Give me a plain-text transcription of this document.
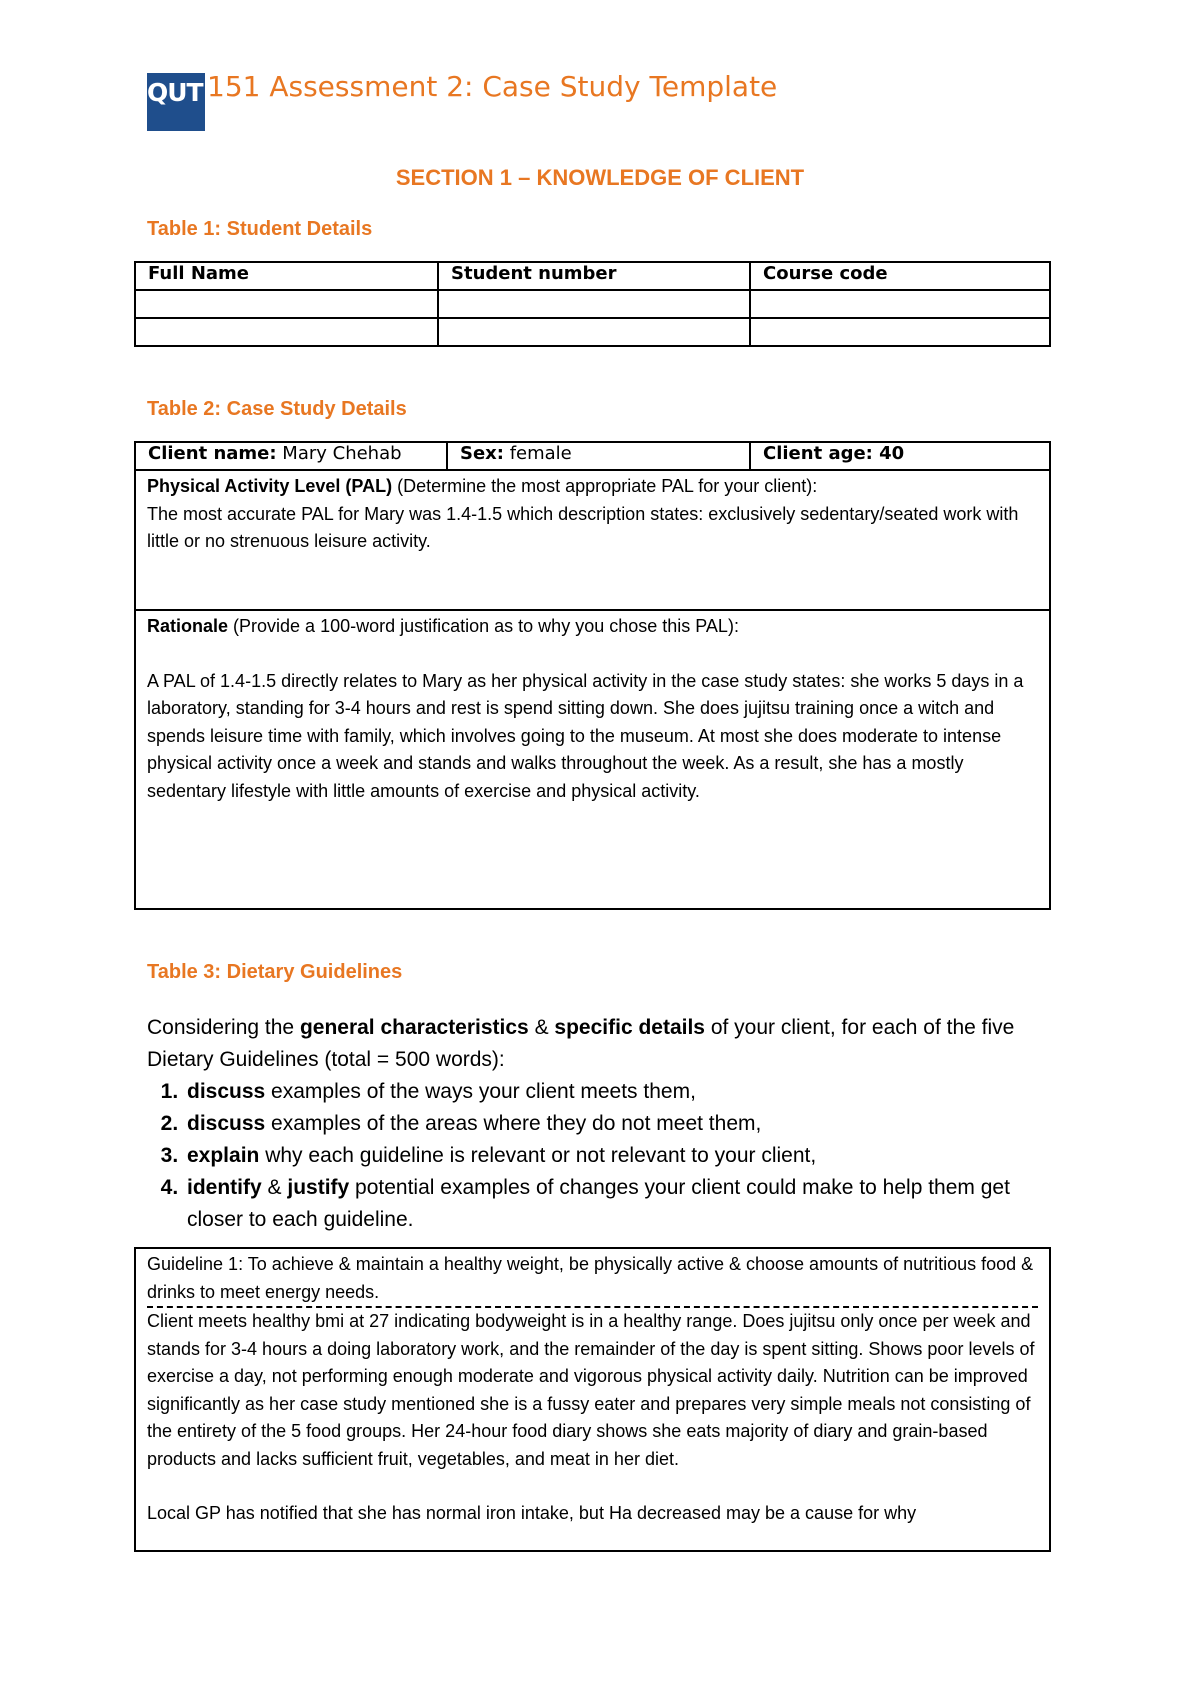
QUT 151 Assessment 2: Case Study Template
SECTION 1 – KNOWLEDGE OF CLIENT
Table 1: Student Details
Full Name	Student number	Course code

Table 2: Case Study Details
Client name: Mary Chehab	Sex: female	Client age: 40

Physical Activity Level (PAL) (Determine the most appropriate PAL for your client):

The most accurate PAL for Mary was 1.4-1.5 which description states: exclusively sedentary/seated work with little or no strenuous leisure activity.

Rationale (Provide a 100-word justification as to why you chose this PAL):

A PAL of 1.4-1.5 directly relates to Mary as her physical activity in the case study states: she works 5 days in a laboratory, standing for 3-4 hours and rest is spend sitting down. She does jujitsu training once a witch and spends leisure time with family, which involves going to the museum. At most she does moderate to intense physical activity once a week and stands and walks throughout the week. As a result, she has a mostly sedentary lifestyle with little amounts of exercise and physical activity.

Table 3: Dietary Guidelines
Considering the general characteristics & specific details of your client, for each of the five Dietary Guidelines (total = 500 words):
1. discuss examples of the ways your client meets them,
2. discuss examples of the areas where they do not meet them,
3. explain why each guideline is relevant or not relevant to your client,
4. identify & justify potential examples of changes your client could make to help them get closer to each guideline.

Guideline 1: To achieve & maintain a healthy weight, be physically active & choose amounts of nutritious food & drinks to meet energy needs.

Client meets healthy bmi at 27 indicating bodyweight is in a healthy range. Does jujitsu only once per week and stands for 3-4 hours a doing laboratory work, and the remainder of the day is spent sitting. Shows poor levels of exercise a day, not performing enough moderate and vigorous physical activity daily. Nutrition can be improved significantly as her case study mentioned she is a fussy eater and prepares very simple meals not consisting of the entirety of the 5 food groups. Her 24-hour food diary shows she eats majority of diary and grain-based products and lacks sufficient fruit, vegetables, and meat in her diet.

Local GP has notified that she has normal iron intake, but Ha decreased may be a cause for why
